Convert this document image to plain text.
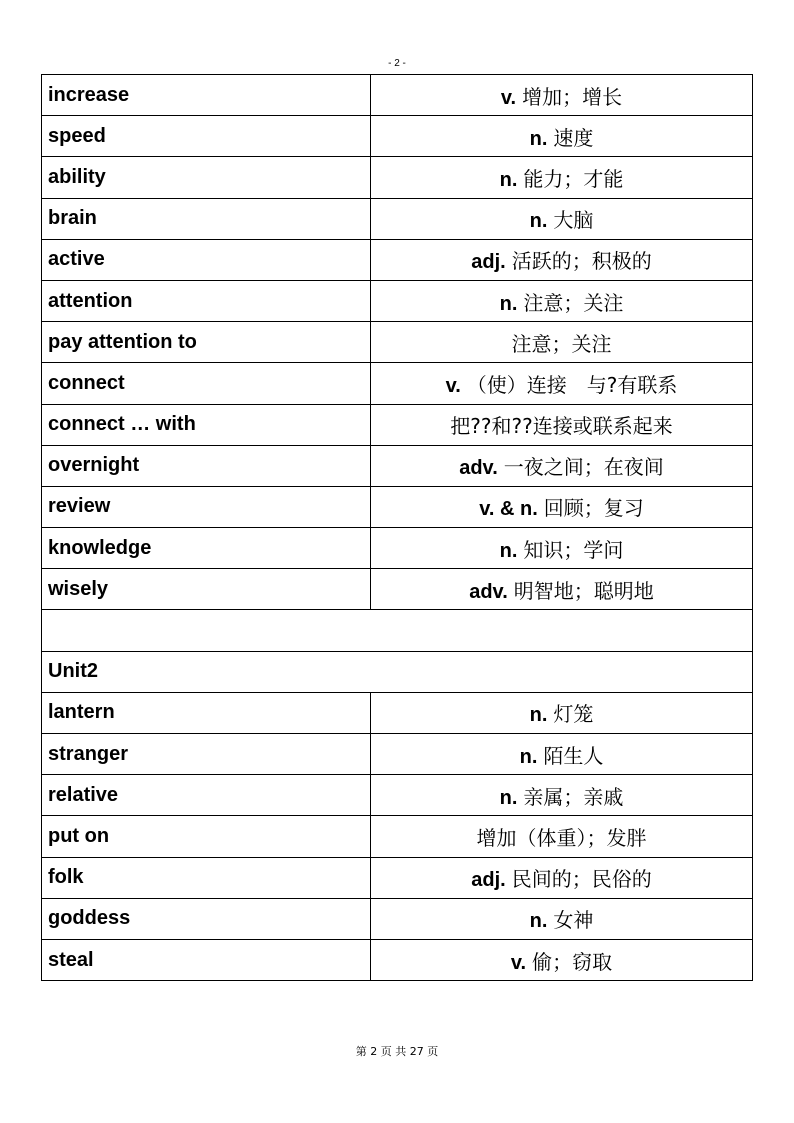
- 2 -
increase	v. 增加；增长
speed	n. 速度
ability	n. 能力；才能
brain	n. 大脑
active	adj. 活跃的；积极的
attention	n. 注意；关注
pay attention to	注意；关注
connect	v. （使）连接　与?有联系
connect … with	把??和??连接或联系起来
overnight	adv. 一夜之间；在夜间
review	v. & n. 回顾；复习
knowledge	n. 知识；学问
wisely	adv. 明智地；聪明地

Unit2	
lantern	n. 灯笼
stranger	n. 陌生人
relative	n. 亲属；亲戚
put on	增加（体重）；发胖
folk	adj. 民间的；民俗的
goddess	n. 女神
steal	v. 偷；窃取
第 2 页 共 27 页
